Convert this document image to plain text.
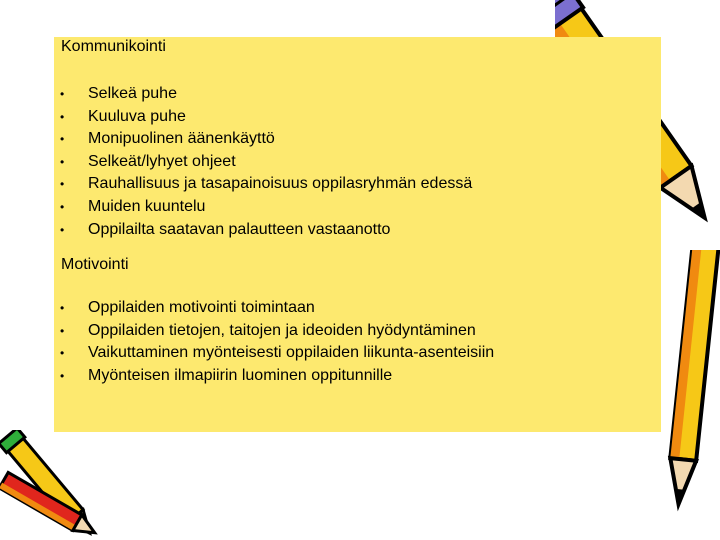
Kommunikointi
• Selkeä puhe
• Kuuluva puhe
• Monipuolinen äänenkäyttö
• Selkeät/lyhyet ohjeet
• Rauhallisuus ja tasapainoisuus oppilasryhmän edessä
• Muiden kuuntelu
• Oppilailta saatavan palautteen vastaanotto
Motivointi
• Oppilaiden motivointi toimintaan
• Oppilaiden tietojen, taitojen ja ideoiden hyödyntäminen
• Vaikuttaminen myönteisesti oppilaiden liikunta-asenteisiin
• Myönteisen ilmapiirin luominen oppitunnille
